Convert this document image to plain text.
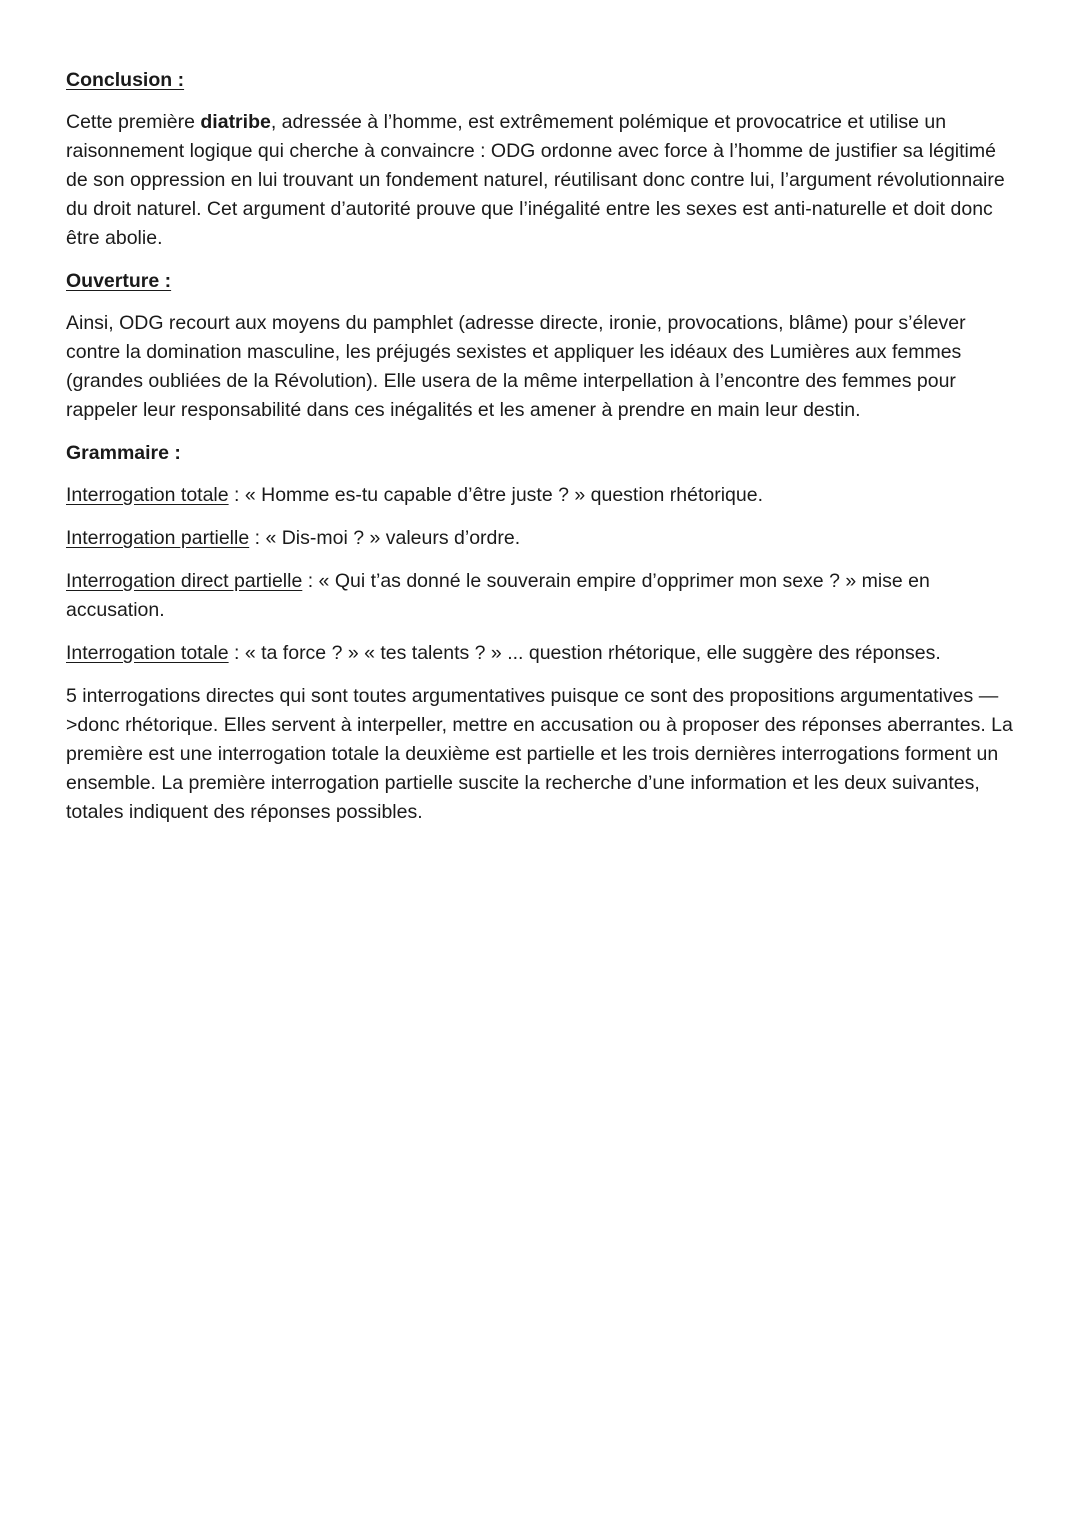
Conclusion :

Cette première diatribe, adressée à l’homme, est extrêmement polémique et provocatrice et utilise un raisonnement logique qui cherche à convaincre : ODG ordonne avec force à l’homme de justifier sa légitimé de son oppression en lui trouvant un fondement naturel, réutilisant donc contre lui, l’argument révolutionnaire du droit naturel. Cet argument d’autorité prouve que l’inégalité entre les sexes est anti-naturelle et doit donc être abolie.

Ouverture :

Ainsi, ODG recourt aux moyens du pamphlet (adresse directe, ironie, provocations, blâme) pour s’élever contre la domination masculine, les préjugés sexistes et appliquer les idéaux des Lumières aux femmes (grandes oubliées de la Révolution). Elle usera de la même interpellation à l’encontre des femmes pour rappeler leur responsabilité dans ces inégalités et les amener à prendre en main leur destin.

Grammaire :

Interrogation totale : « Homme es-tu capable d’être juste ? » question rhétorique.

Interrogation partielle : « Dis-moi ? » valeurs d’ordre.

Interrogation direct partielle : « Qui t’as donné le souverain empire d’opprimer mon sexe ? » mise en accusation.

Interrogation totale : « ta force ? » « tes talents ? » ... question rhétorique, elle suggère des réponses.

5 interrogations directes qui sont toutes argumentatives puisque ce sont des propositions argumentatives —>donc rhétorique. Elles servent à interpeller, mettre en accusation ou à proposer des réponses aberrantes. La première est une interrogation totale la deuxième est partielle et les trois dernières interrogations forment un ensemble. La première interrogation partielle suscite la recherche d’une information et les deux suivantes, totales indiquent des réponses possibles.
